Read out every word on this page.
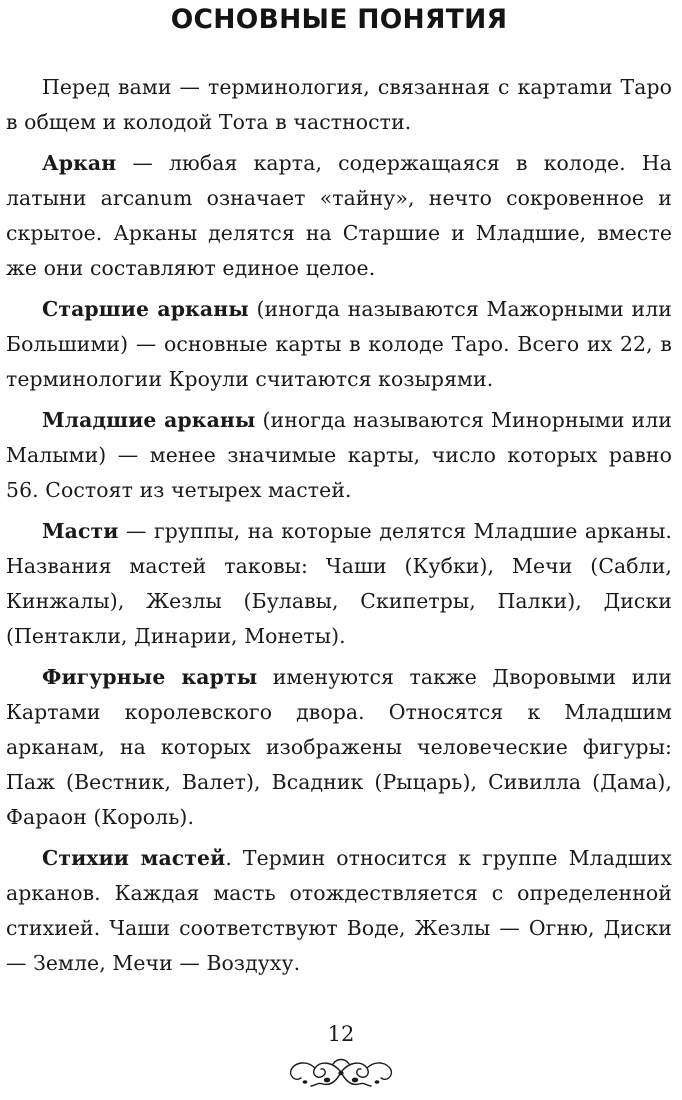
ОСНОВНЫЕ ПОНЯТИЯ

Перед вами — терминология, связанная с картаmи Таро в общем и колодой Тота в частности.

Аркан — любая карта, содержащаяся в колоде. На латыни arcanum означает «тайну», нечто сокровенное и скрытое. Арканы делятся на Старшие и Младшие, вместе же они составляют единое целое.

Старшие арканы (иногда называются Мажорными или Большими) — основные карты в колоде Таро. Всего их 22, в терминологии Кроули считаются козырями.

Младшие арканы (иногда называются Минорными или Малыми) — менее значимые карты, число которых равно 56. Состоят из четырех мастей.

Масти — группы, на которые делятся Младшие арканы. Названия мастей таковы: Чаши (Кубки), Мечи (Сабли, Кинжалы), Жезлы (Булавы, Скипетры, Палки), Диски (Пентакли, Динарии, Монеты).

Фигурные карты именуются также Дворовыми или Картами королевского двора. Относятся к Младшим арканам, на которых изображены человеческие фигуры: Паж (Вестник, Валет), Всадник (Рыцарь), Сивилла (Дама), Фараон (Король).

Стихии мастей. Термин относится к группе Младших арканов. Каждая масть отождествляется с определенной стихией. Чаши соответствуют Воде, Жезлы — Огню, Диски — Земле, Мечи — Воздуху.

12
